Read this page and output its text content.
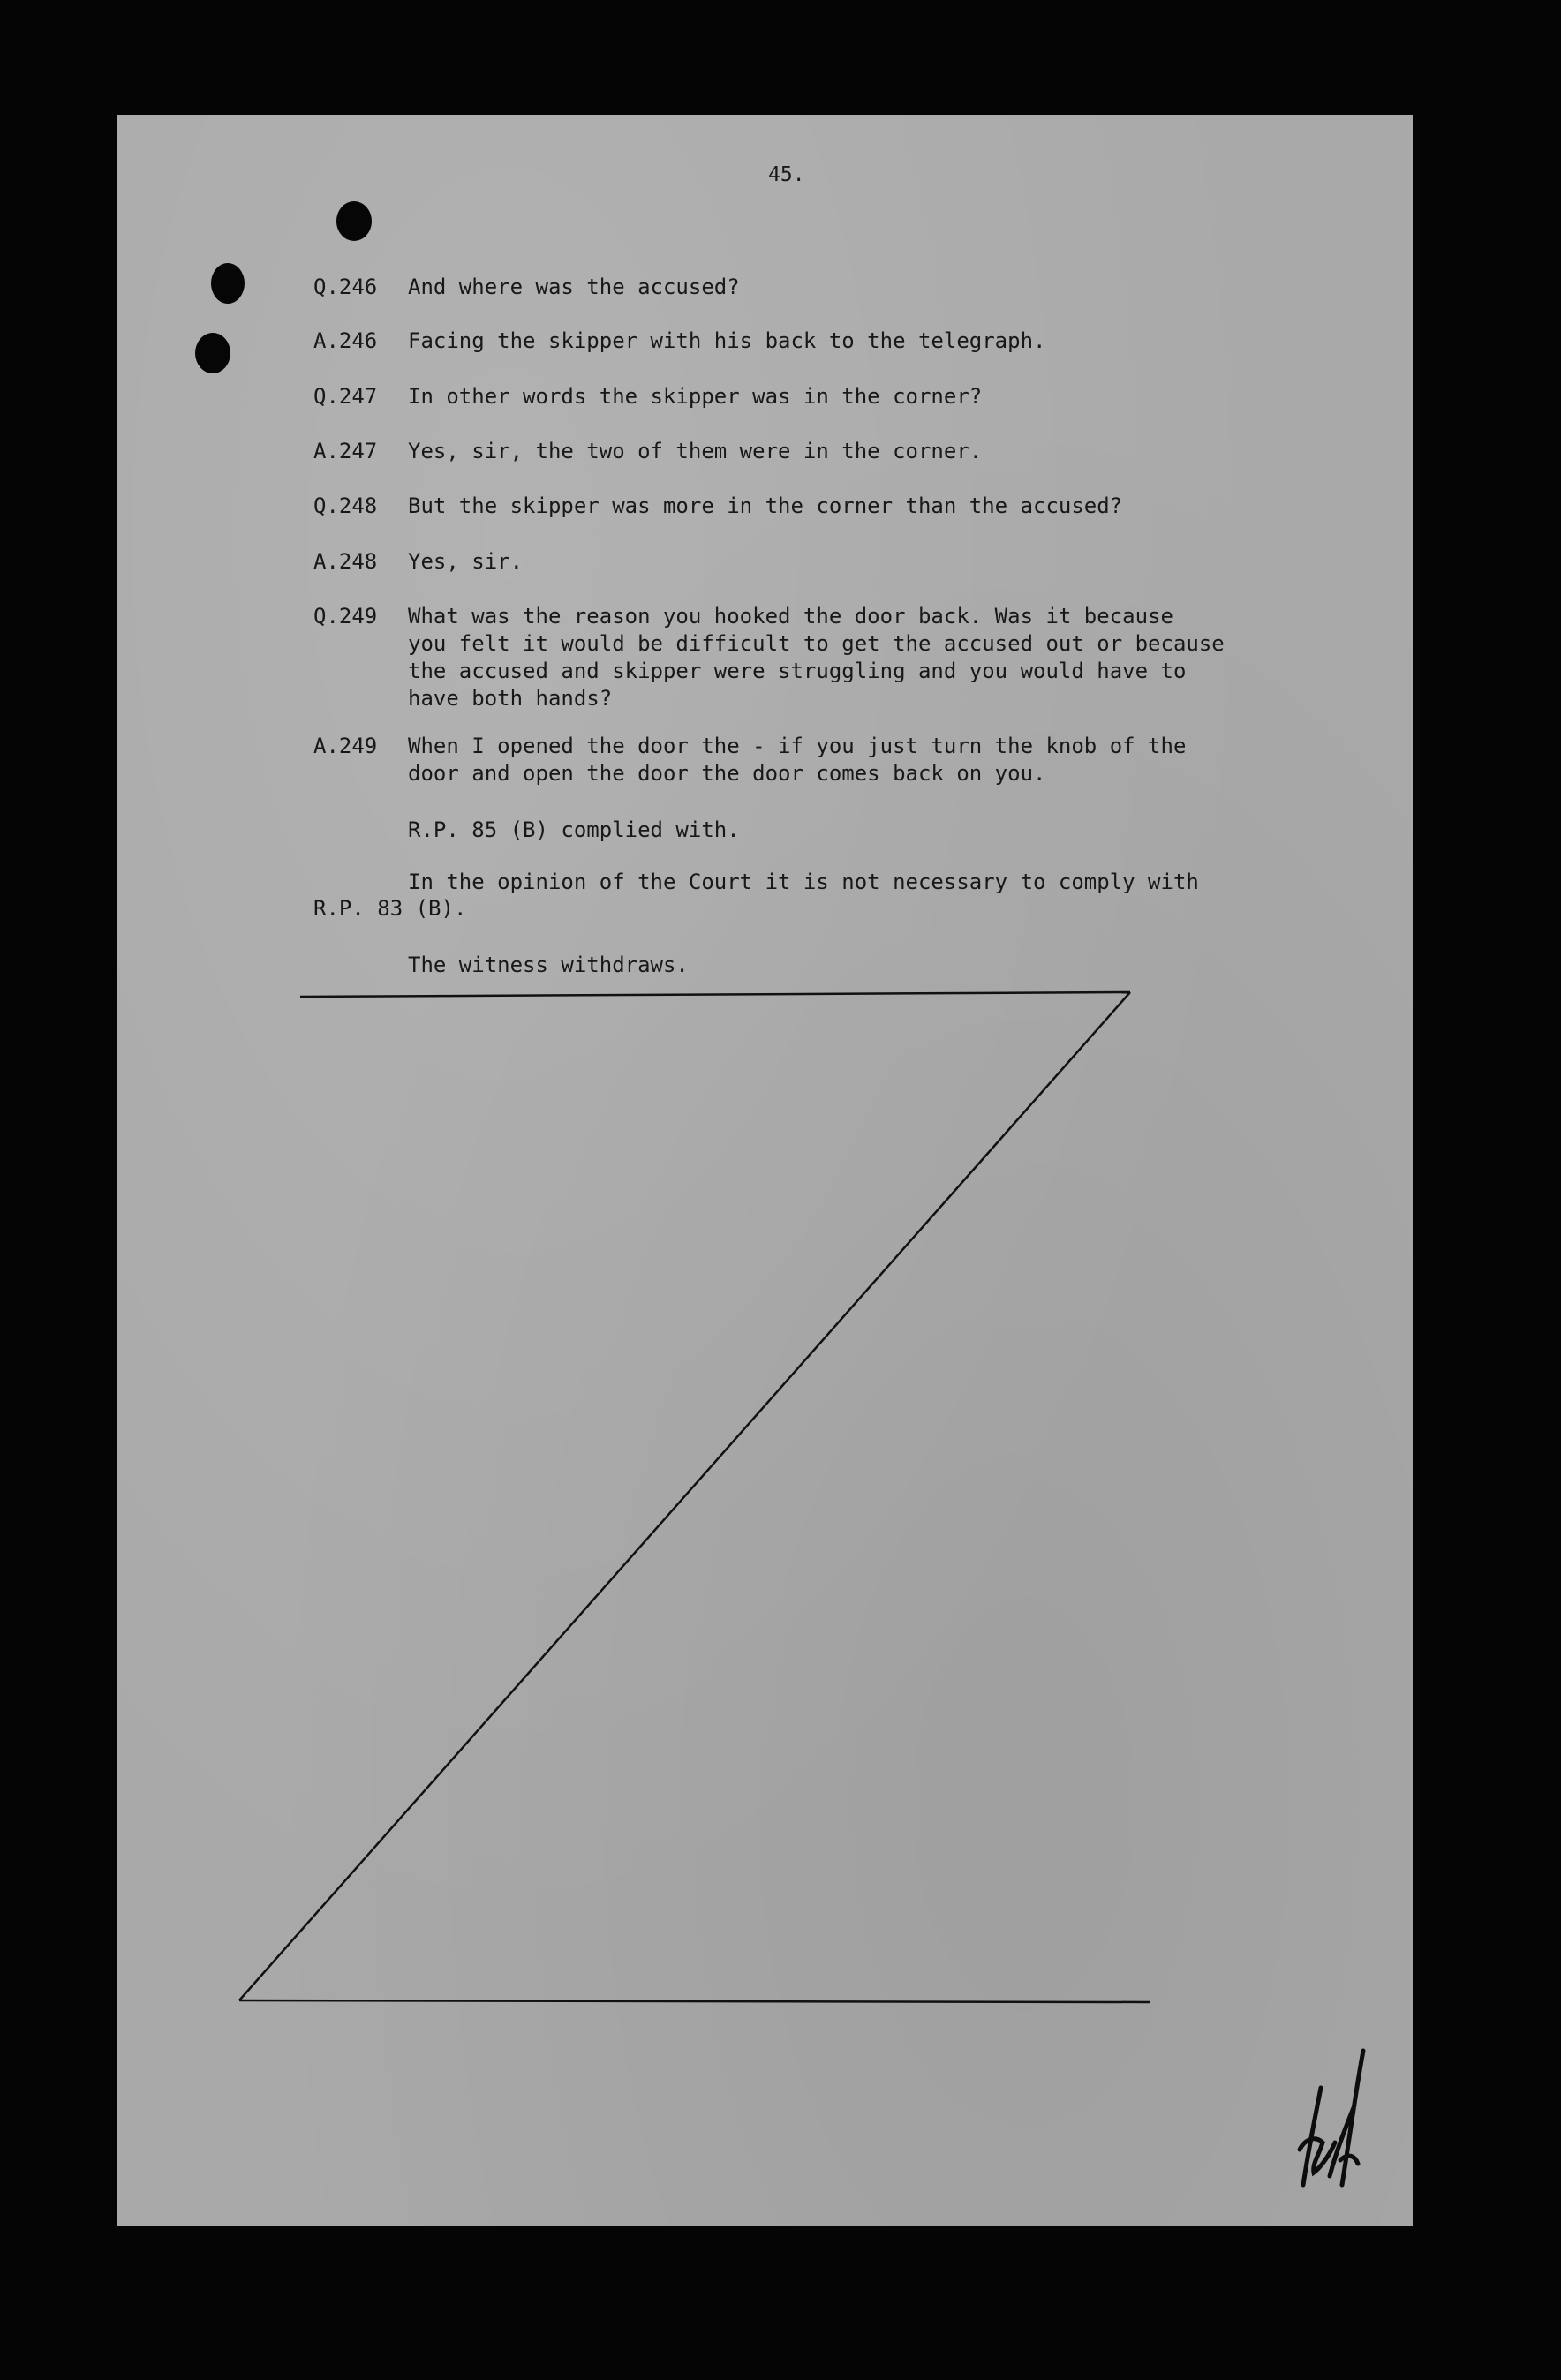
45.
Q.246	And where was the accused?
A.246	Facing the skipper with his back to the telegraph.
Q.247	In other words the skipper was in the corner?
A.247	Yes, sir, the two of them were in the corner.
Q.248	But the skipper was more in the corner than the accused?
A.248	Yes, sir.
Q.249	What was the reason you hooked the door back. Was it because
you felt it would be difficult to get the accused out or because
the accused and skipper were struggling and you would have to
have both hands?
A.249	When I opened the door the - if you just turn the knob of the
door and open the door the door comes back on you.
R.P. 85 (B) complied with.
In the opinion of the Court it is not necessary to comply with
R.P. 83 (B).
The witness withdraws.
